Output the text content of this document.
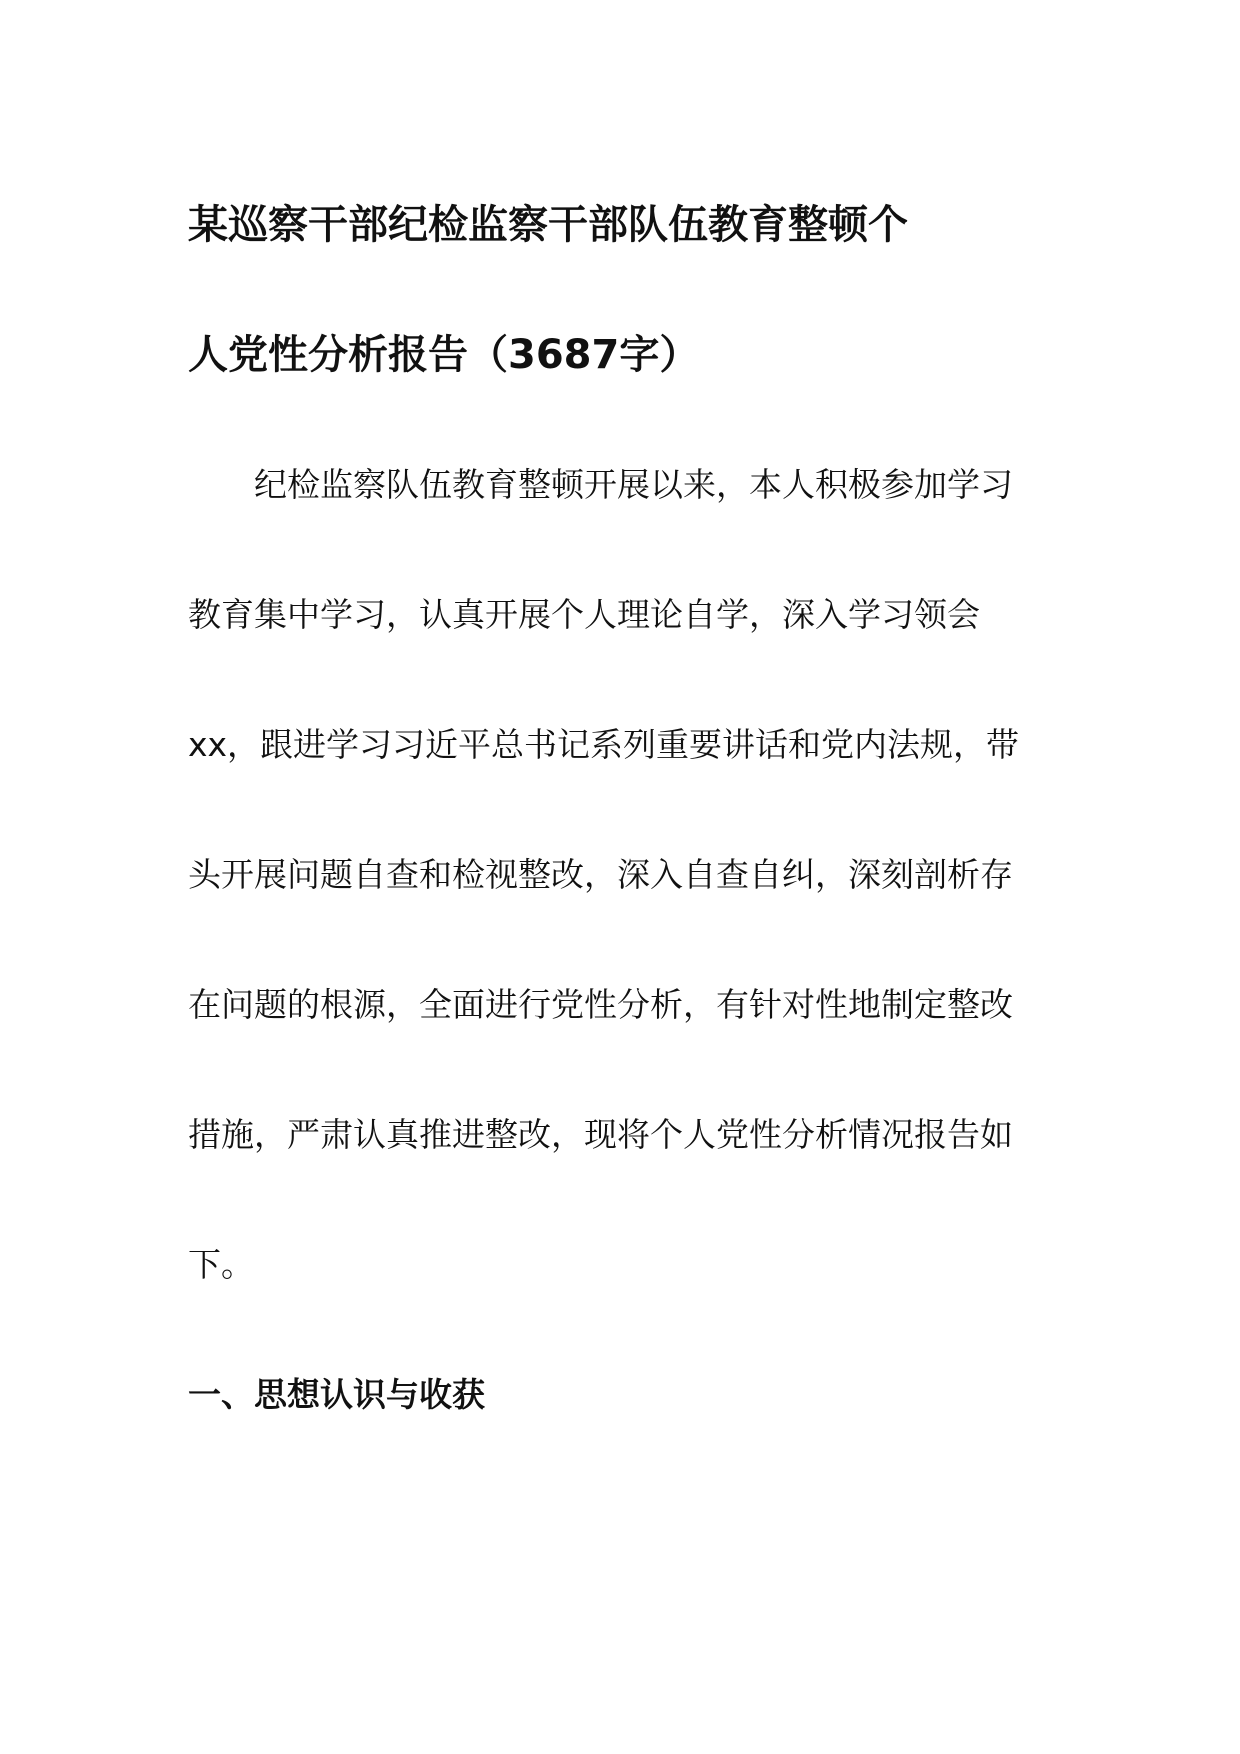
某巡察干部纪检监察干部队伍教育整顿个
人党性分析报告（3687字）

　　纪检监察队伍教育整顿开展以来，本人积极参加学习
教育集中学习，认真开展个人理论自学，深入学习领会
xx，跟进学习习近平总书记系列重要讲话和党内法规，带
头开展问题自查和检视整改，深入自查自纠，深刻剖析存
在问题的根源，全面进行党性分析，有针对性地制定整改
措施，严肃认真推进整改，现将个人党性分析情况报告如
下。

一、思想认识与收获
